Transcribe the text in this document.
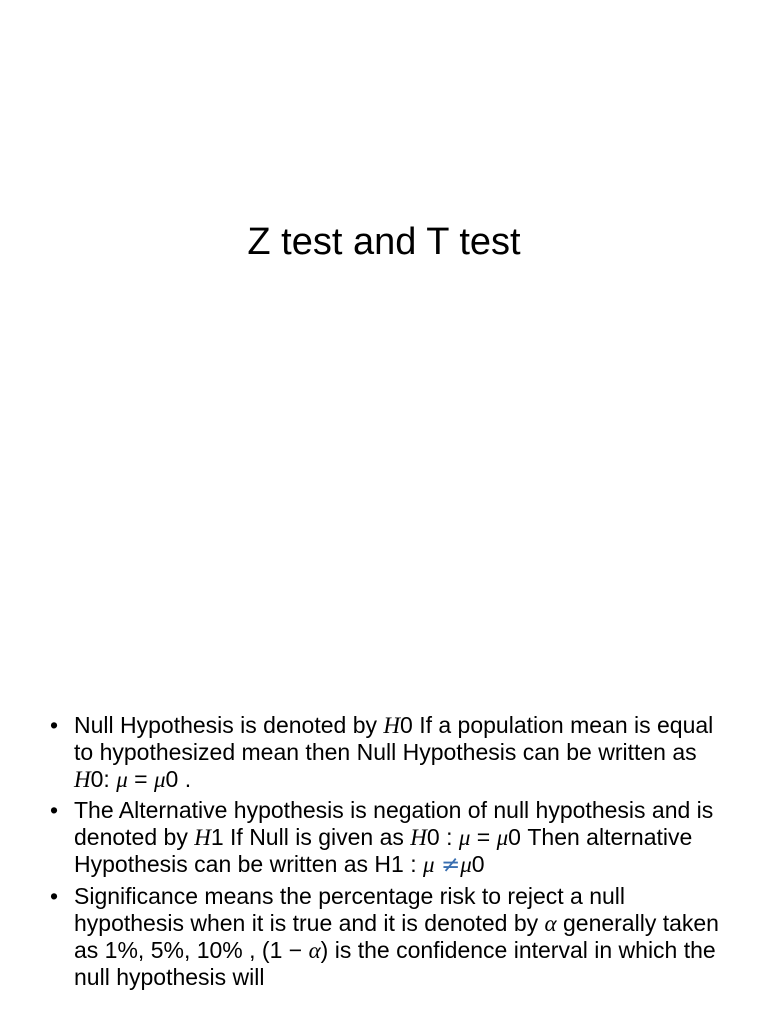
Z test and T test
• Null Hypothesis is denoted by H0 If a population mean is equal to hypothesized mean then Null Hypothesis can be written as H0: μ = μ0 .
• The Alternative hypothesis is negation of null hypothesis and is denoted by H1 If Null is given as H0 : μ = μ0 Then alternative Hypothesis can be written as H1 : μ ≠μ0
• Significance means the percentage risk to reject a null hypothesis when it is true and it is denoted by α generally taken as 1%, 5%, 10% , (1 − α) is the confidence interval in which the null hypothesis will
